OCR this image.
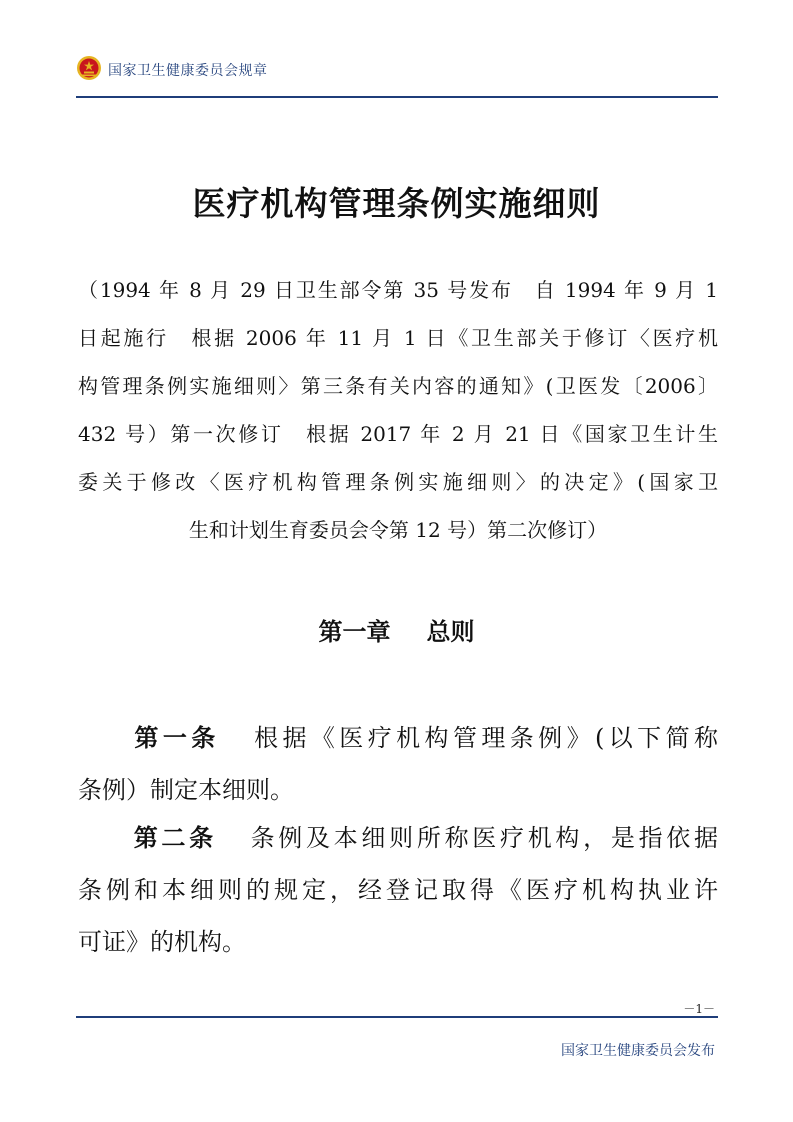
国家卫生健康委员会规章
医疗机构管理条例实施细则
（1994 年 8 月 29 日卫生部令第 35 号发布　自 1994 年 9 月 1
日起施行　根据 2006 年 11 月 1 日《卫生部关于修订〈医疗机
构管理条例实施细则〉第三条有关内容的通知》(卫医发〔2006〕
432 号）第一次修订　根据 2017 年 2 月 21 日《国家卫生计生
委关于修改〈医疗机构管理条例实施细则〉的决定》(国家卫
生和计划生育委员会令第 12 号）第二次修订）
第一章 总则
第一条 根据《医疗机构管理条例》(以下简称
条例）制定本细则。
第二条 条例及本细则所称医疗机构，是指依据
条例和本细则的规定，经登记取得《医疗机构执业许
可证》的机构。
－1－
国家卫生健康委员会发布
